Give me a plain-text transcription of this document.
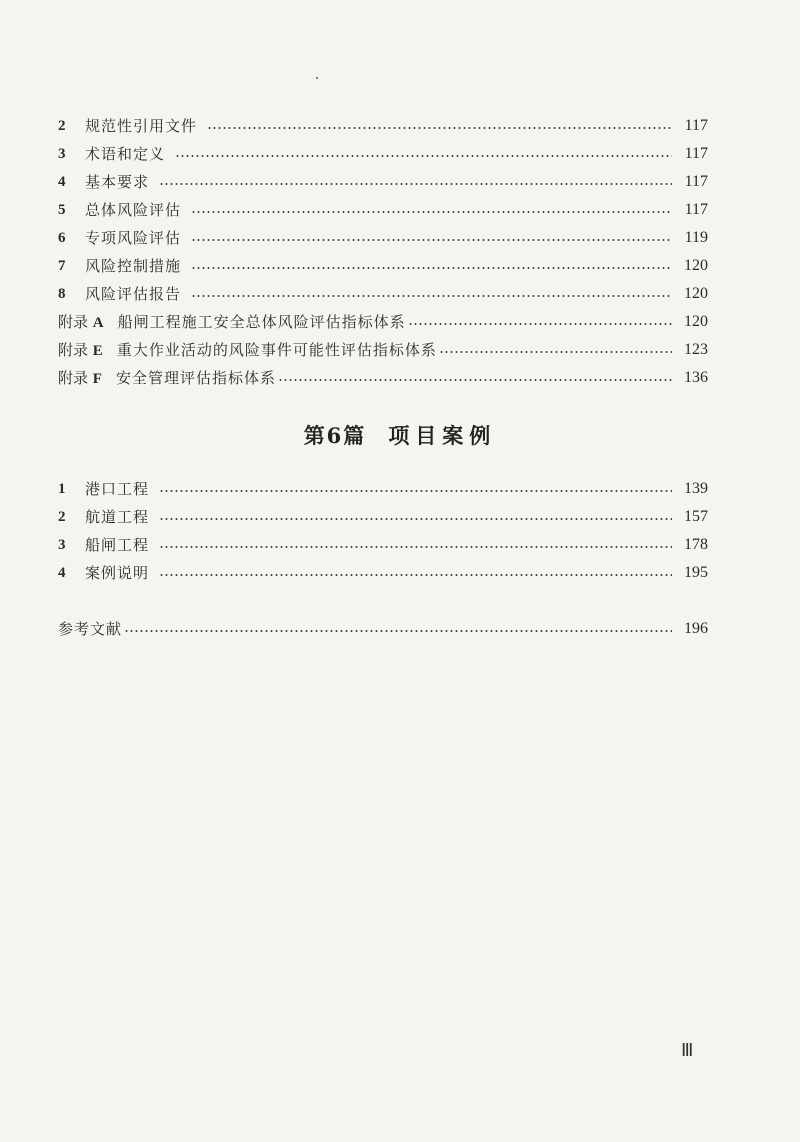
2	规范性引用文件	117
3	术语和定义	117
4	基本要求	117
5	总体风险评估	117
6	专项风险评估	119
7	风险控制措施	120
8	风险评估报告	120
附录 A 船闸工程施工安全总体风险评估指标体系	120
附录 E 重大作业活动的风险事件可能性评估指标体系	123
附录 F 安全管理评估指标体系	136
第6篇 项目案例
1	港口工程	139
2	航道工程	157
3	船闸工程	178
4	案例说明	195
参考文献	196
Ⅲ
